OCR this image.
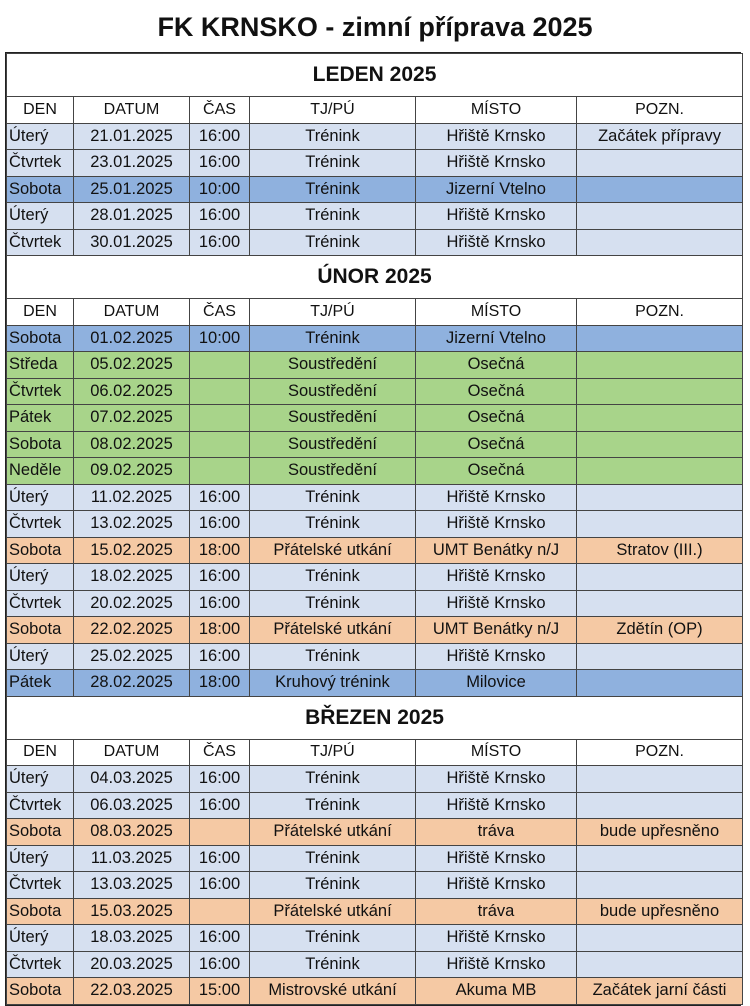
FK KRNSKO - zimní příprava 2025
LEDEN 2025					
DEN	DATUM	ČAS	TJ/PÚ	MÍSTO	POZN.
Úterý	21.01.2025	16:00	Trénink	Hřiště Krnsko	Začátek přípravy
Čtvrtek	23.01.2025	16:00	Trénink	Hřiště Krnsko	
Sobota	25.01.2025	10:00	Trénink	Jizerní Vtelno	
Úterý	28.01.2025	16:00	Trénink	Hřiště Krnsko	
Čtvrtek	30.01.2025	16:00	Trénink	Hřiště Krnsko	
ÚNOR 2025					
DEN	DATUM	ČAS	TJ/PÚ	MÍSTO	POZN.
Sobota	01.02.2025	10:00	Trénink	Jizerní Vtelno	
Středa	05.02.2025		Soustředění	Osečná	
Čtvrtek	06.02.2025		Soustředění	Osečná	
Pátek	07.02.2025		Soustředění	Osečná	
Sobota	08.02.2025		Soustředění	Osečná	
Neděle	09.02.2025		Soustředění	Osečná	
Úterý	11.02.2025	16:00	Trénink	Hřiště Krnsko	
Čtvrtek	13.02.2025	16:00	Trénink	Hřiště Krnsko	
Sobota	15.02.2025	18:00	Přátelské utkání	UMT Benátky n/J	Stratov (III.)
Úterý	18.02.2025	16:00	Trénink	Hřiště Krnsko	
Čtvrtek	20.02.2025	16:00	Trénink	Hřiště Krnsko	
Sobota	22.02.2025	18:00	Přátelské utkání	UMT Benátky n/J	Zdětín (OP)
Úterý	25.02.2025	16:00	Trénink	Hřiště Krnsko	
Pátek	28.02.2025	18:00	Kruhový trénink	Milovice	
BŘEZEN 2025					
DEN	DATUM	ČAS	TJ/PÚ	MÍSTO	POZN.
Úterý	04.03.2025	16:00	Trénink	Hřiště Krnsko	
Čtvrtek	06.03.2025	16:00	Trénink	Hřiště Krnsko	
Sobota	08.03.2025		Přátelské utkání	tráva	bude upřesněno
Úterý	11.03.2025	16:00	Trénink	Hřiště Krnsko	
Čtvrtek	13.03.2025	16:00	Trénink	Hřiště Krnsko	
Sobota	15.03.2025		Přátelské utkání	tráva	bude upřesněno
Úterý	18.03.2025	16:00	Trénink	Hřiště Krnsko	
Čtvrtek	20.03.2025	16:00	Trénink	Hřiště Krnsko	
Sobota	22.03.2025	15:00	Mistrovské utkání	Akuma MB	Začátek jarní části
